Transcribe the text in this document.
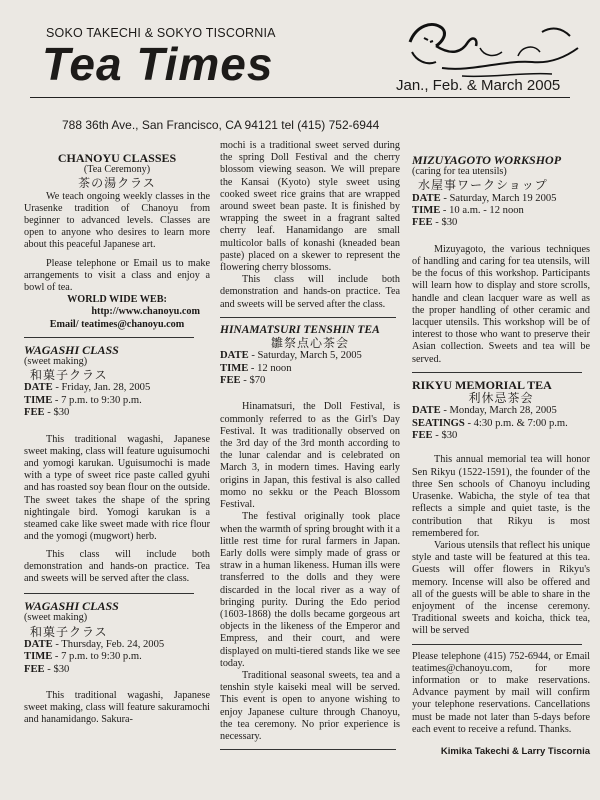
SOKO TAKECHI & SOKYO TISCORNIA
Tea Times	Jan., Feb. & March 2005
788 36th Ave., San Francisco, CA 94121 tel (415) 752-6944
CHANOYU CLASSES
(Tea Ceremony)
茶の湯クラス

We teach ongoing weekly classes in the Urasenke tradition of Chanoyu from beginner to advanced levels. Classes are open to anyone who desires to learn more about this peaceful Japanese art.

Please telephone or Email us to make arrangements to visit a class and enjoy a bowl of tea.

WORLD WIDE WEB:
http://www.chanoyu.com
Email/ teatimes@chanoyu.com
WAGASHI CLASS
(sweet making)
和菓子クラス
DATE - Friday, Jan. 28, 2005
TIME - 7 p.m. to 9:30 p.m.
FEE - $30

This traditional wagashi, Japanese sweet making, class will feature uguisumochi and yomogi karukan. Uguisumochi is made with a type of sweet rice paste called gyuhi and has roasted soy bean flour on the outside. The sweet takes the shape of the spring nightingale bird. Yomogi karukan is a steamed cake like sweet made with rice flour and the yomogi (mugwort) herb.

This class will include both demonstration and hands-on practice. Tea and sweets will be served after the class.

WAGASHI CLASS
(sweet making)
和菓子クラス
DATE - Thursday, Feb. 24, 2005
TIME - 7 p.m. to 9:30 p.m.
FEE - $30

This traditional wagashi, Japanese sweet making, class will feature sakuramochi and hanamidango. Sakura-

mochi is a traditional sweet served during the spring Doll Festival and the cherry blossom viewing season. We will prepare the Kansai (Kyoto) style sweet using cooked sweet rice grains that are wrapped around sweet bean paste. It is finished by wrapping the sweet in a fragrant salted cherry leaf. Hanamidango are small multicolor balls of konashi (kneaded bean paste) placed on a skewer to represent the flowering cherry blossoms.

This class will include both demonstration and hands-on practice. Tea and sweets will be served after the class.

HINAMATSURI TENSHIN TEA
雛祭点心茶会
DATE - Saturday, March 5, 2005
TIME - 12 noon
FEE - $70

Hinamatsuri, the Doll Festival, is commonly referred to as the Girl's Day Festival. It was traditionally observed on the 3rd day of the 3rd month according to the lunar calendar and is celebrated on March 3, in modern times. Having early origins in Japan, this festival is also called momo no sekku or the Peach Blossom Festival.

The festival originally took place when the warmth of spring brought with it a little rest time for rural farmers in Japan. Early dolls were simply made of grass or straw in a human likeness. Human ills were transferred to the dolls and they were discarded in the local river as a way of bringing purity. During the Edo period (1603-1868) the dolls became gorgeous art objects in the likeness of the Emperor and Empress, and their court, and were displayed on multi-tiered stands like we see today.

Traditional seasonal sweets, tea and a tenshin style kaiseki meal will be served. This event is open to anyone wishing to enjoy Japanese culture through Chanoyu, the tea ceremony. No prior experience is necessary.

MIZUYAGOTO WORKSHOP
(caring for tea utensils)
水屋事ワークショップ
DATE - Saturday, March 19 2005
TIME - 10 a.m. - 12 noon
FEE - $30

Mizuyagoto, the various techniques of handling and caring for tea utensils, will be the focus of this workshop. Participants will learn how to display and store scrolls, handle and clean lacquer ware as well as the proper handling of other ceramic and lacquer utensils. This workshop will be of interest to those who want to preserve their Asian collection. Sweets and tea will be served.

RIKYU MEMORIAL TEA
利休忌茶会
DATE - Monday, March 28, 2005
SEATINGS - 4:30 p.m. & 7:00 p.m.
FEE - $30

This annual memorial tea will honor Sen Rikyu (1522-1591), the founder of the three Sen schools of Chanoyu including Urasenke. Wabicha, the style of tea that reflects a simple and quiet taste, is the contribution that Rikyu is most remembered for.

Various utensils that reflect his unique style and taste will be featured at this tea. Guests will offer flowers in Rikyu's memory. Incense will also be offered and all of the guests will be able to share in the enjoyment of the incense ceremony. Traditional sweets and koicha, thick tea, will be served

Please telephone (415) 752-6944, or Email teatimes@chanoyu.com, for more information or to make reservations. Advance payment by mail will confirm your telephone reservations. Cancellations must be made not later than 5-days before each event to receive a refund. Thanks.

Kimika Takechi & Larry Tiscornia
